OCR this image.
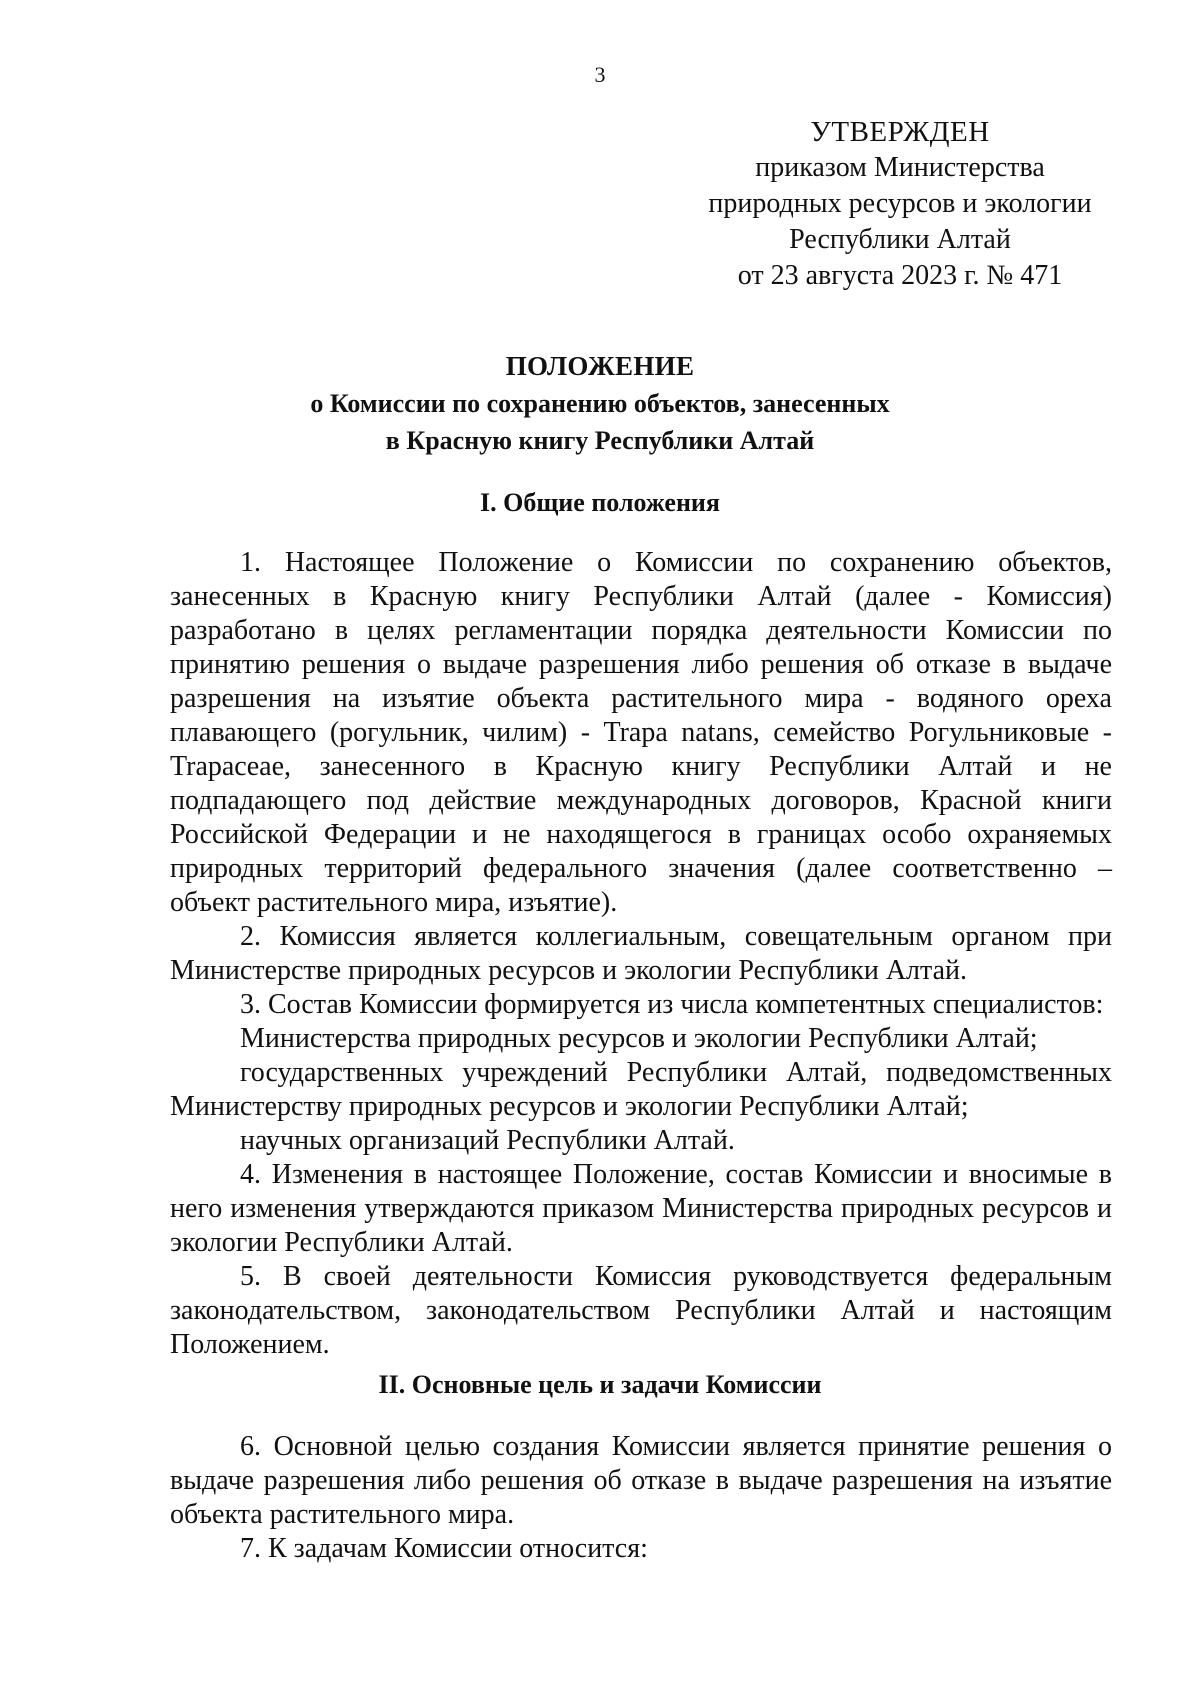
3
УТВЕРЖДЕН
приказом Министерства
природных ресурсов и экологии
Республики Алтай
от 23 августа 2023 г. № 471
ПОЛОЖЕНИЕ
о Комиссии по сохранению объектов, занесенных
в Красную книгу Республики Алтай
I. Общие положения

1. Настоящее Положение о Комиссии по сохранению объектов, занесенных в Красную книгу Республики Алтай (далее - Комиссия) разработано в целях регламентации порядка деятельности Комиссии по принятию решения о выдаче разрешения либо решения об отказе в выдаче разрешения на изъятие объекта растительного мира - водяного ореха плавающего (рогульник, чилим) - Trapa natans, семейство Рогульниковые - Trapaceae, занесенного в Красную книгу Республики Алтай и не подпадающего под действие международных договоров, Красной книги Российской Федерации и не находящегося в границах особо охраняемых природных территорий федерального значения (далее соответственно – объект растительного мира, изъятие).

2. Комиссия является коллегиальным, совещательным органом при Министерстве природных ресурсов и экологии Республики Алтай.

3. Состав Комиссии формируется из числа компетентных специалистов:

Министерства природных ресурсов и экологии Республики Алтай;

государственных учреждений Республики Алтай, подведомственных Министерству природных ресурсов и экологии Республики Алтай;

научных организаций Республики Алтай.

4. Изменения в настоящее Положение, состав Комиссии и вносимые в него изменения утверждаются приказом Министерства природных ресурсов и экологии Республики Алтай.

5. В своей деятельности Комиссия руководствуется федеральным законодательством, законодательством Республики Алтай и настоящим Положением.

II. Основные цель и задачи Комиссии

6. Основной целью создания Комиссии является принятие решения о выдаче разрешения либо решения об отказе в выдаче разрешения на изъятие объекта растительного мира.

7. К задачам Комиссии относится:
